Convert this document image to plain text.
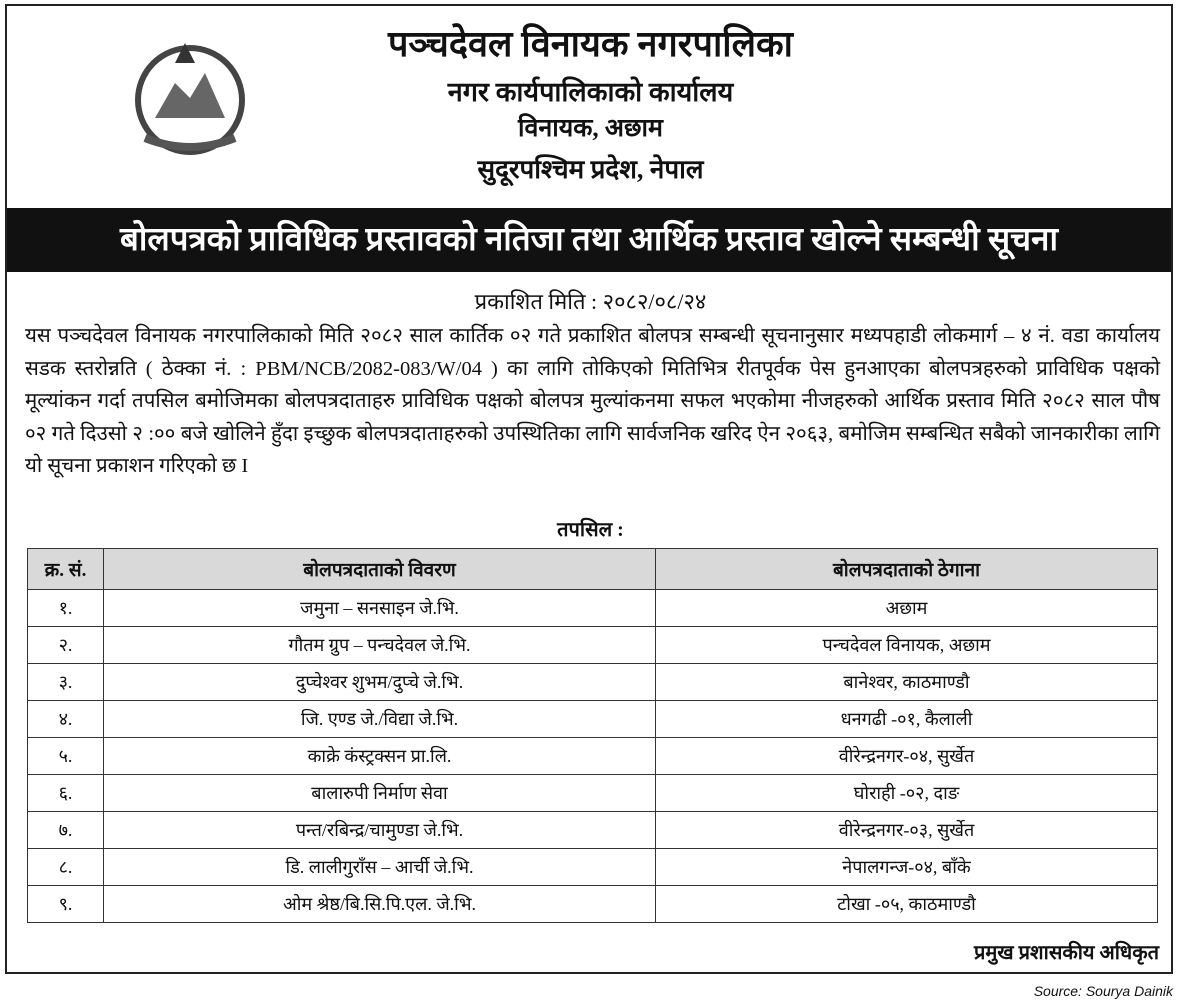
पञ्चदेवल विनायक नगरपालिका
नगर कार्यपालिकाको कार्यालय
विनायक, अछाम
सुदूरपश्चिम प्रदेश, नेपाल
बोलपत्रको प्राविधिक प्रस्तावको नतिजा तथा आर्थिक प्रस्ताव खोल्ने सम्बन्धी सूचना
प्रकाशित मिति : २०८२/०८/२४
यस पञ्चदेवल विनायक नगरपालिकाको मिति २०८२ साल कार्तिक ०२ गते प्रकाशित बोलपत्र सम्बन्धी सूचनानुसार मध्यपहाडी लोकमार्ग – ४ नं. वडा कार्यालय सडक स्तरोन्नति ( ठेक्का नं. : PBM/NCB/2082-083/W/04 ) का लागि तोकिएको मितिभित्र रीतपूर्वक पेस हुनआएका बोलपत्रहरुको प्राविधिक पक्षको मूल्यांकन गर्दा तपसिल बमोजिमका बोलपत्रदाताहरु प्राविधिक पक्षको बोलपत्र मुल्यांकनमा सफल भएकोमा नीजहरुको आर्थिक प्रस्ताव मिति २०८२ साल पौष ०२ गते दिउसो २ :०० बजे खोलिने हुँदा इच्छुक बोलपत्रदाताहरुको उपस्थितिका लागि सार्वजनिक खरिद ऐन २०६३, बमोजिम सम्बन्धित सबैको जानकारीका लागि यो सूचना प्रकाशन गरिएको छ I
तपसिल :
क्र. सं.	बोलपत्रदाताको विवरण	बोलपत्रदाताको ठेगाना
१.	जमुना – सनसाइन जे.भि.	अछाम
२.	गौतम ग्रुप – पन्चदेवल जे.भि.	पन्चदेवल विनायक, अछाम
३.	दुप्चेश्वर शुभम/दुप्चे जे.भि.	बानेश्वर, काठमाण्डौ
४.	जि. एण्ड जे./विद्या जे.भि.	धनगढी -०१, कैलाली
५.	काक्रे कंस्ट्रक्सन प्रा.लि.	वीरेन्द्रनगर-०४, सुर्खेत
६.	बालारुपी निर्माण सेवा	घोराही -०२, दाङ
७.	पन्त/रबिन्द्र/चामुण्डा जे.भि.	वीरेन्द्रनगर-०३, सुर्खेत
८.	डि. लालीगुराँस – आर्ची जे.भि.	नेपालगन्ज-०४, बाँके
९.	ओम श्रेष्ठ/बि.सि.पि.एल. जे.भि.	टोखा -०५, काठमाण्डौ
प्रमुख प्रशासकीय अधिकृत
Source: Sourya Dainik
